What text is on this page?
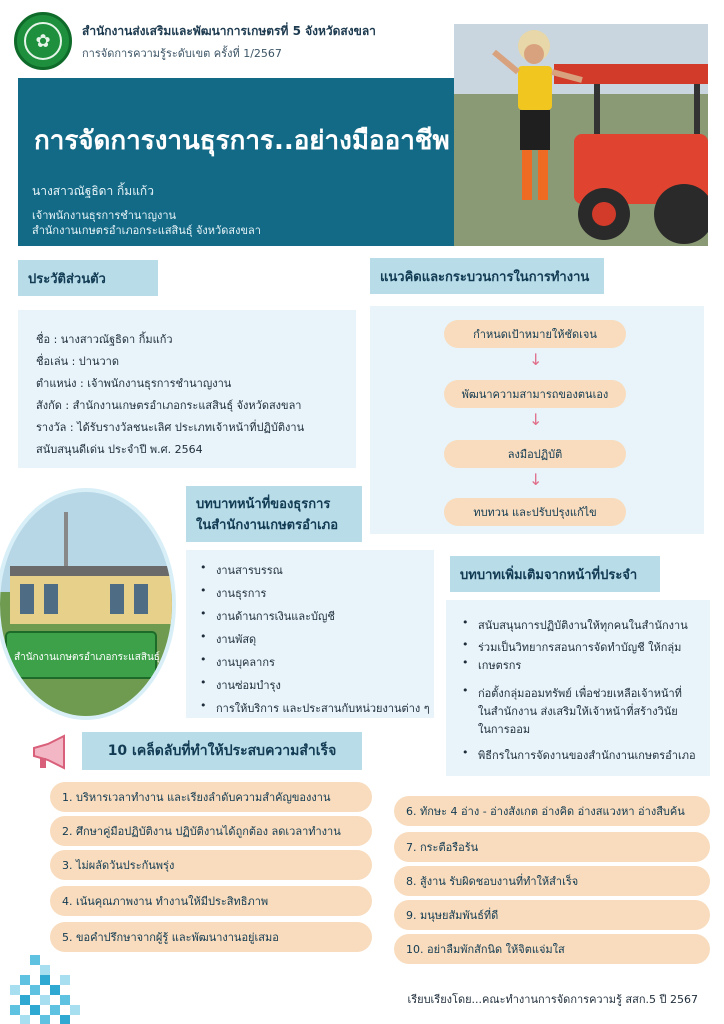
✿	สำนักงานส่งเสริมและพัฒนาการเกษตรที่ 5 จังหวัดสงขลา
การจัดการความรู้ระดับเขต ครั้งที่ 1/2567
การจัดการงานธุรการ..อย่างมืออาชีพ
นางสาวณัฐธิดา กิ้มแก้ว
เจ้าพนักงานธุรการชำนาญงาน
สำนักงานเกษตรอำเภอกระแสสินธุ์ จังหวัดสงขลา
ประวัติส่วนตัว
ชื่อ : นางสาวณัฐธิดา กิ้มแก้ว
ชื่อเล่น : ปานวาด
ตำแหน่ง : เจ้าพนักงานธุรการชำนาญงาน
สังกัด : สำนักงานเกษตรอำเภอกระแสสินธุ์ จังหวัดสงขลา
รางวัล : ได้รับรางวัลชนะเลิศ ประเภทเจ้าหน้าที่ปฏิบัติงาน
สนับสนุนดีเด่น ประจำปี พ.ศ. 2564
แนวคิดและกระบวนการในการทำงาน
กำหนดเป้าหมายให้ชัดเจน
↓
พัฒนาความสามารถของตนเอง
↓
ลงมือปฏิบัติ
↓
ทบทวน และปรับปรุงแก้ไข
สำนักงานเกษตรอำเภอกระแสสินธุ์
บทบาทหน้าที่ของธุรการ
ในสำนักงานเกษตรอำเภอ
• งานสารบรรณ
• งานธุรการ
• งานด้านการเงินและบัญชี
• งานพัสดุ
• งานบุคลากร
• งานซ่อมบำรุง
• การให้บริการ และประสานกับหน่วยงานต่าง ๆ
บทบาทเพิ่มเติมจากหน้าที่ประจำ
• สนับสนุนการปฏิบัติงานให้ทุกคนในสำนักงาน
• ร่วมเป็นวิทยากรสอนการจัดทำบัญชี ให้กลุ่ม
• เกษตรกร
• ก่อตั้งกลุ่มออมทรัพย์ เพื่อช่วยเหลือเจ้าหน้าที่
ในสำนักงาน ส่งเสริมให้เจ้าหน้าที่สร้างวินัย
ในการออม
• พิธีกรในการจัดงานของสำนักงานเกษตรอำเภอ
10 เคล็ดลับที่ทำให้ประสบความสำเร็จ
1. บริหารเวลาทำงาน และเรียงลำดับความสำคัญของงาน
2. ศึกษาคู่มือปฏิบัติงาน ปฏิบัติงานได้ถูกต้อง ลดเวลาทำงาน
3. ไม่ผลัดวันประกันพรุ่ง
4. เน้นคุณภาพงาน ทำงานให้มีประสิทธิภาพ
5. ขอคำปรึกษาจากผู้รู้ และพัฒนางานอยู่เสมอ
6. ทักษะ 4 อ่าง - อ่างสังเกต อ่างคิด อ่างสแวงหา อ่างสืบค้น
7. กระตือรือร้น
8. สู้งาน รับผิดชอบงานที่ทำให้สำเร็จ
9. มนุษยสัมพันธ์ที่ดี
10. อย่าลืมพักสักนิด ให้จิตแจ่มใส
เรียบเรียงโดย...คณะทำงานการจัดการความรู้ สสก.5 ปี 2567
